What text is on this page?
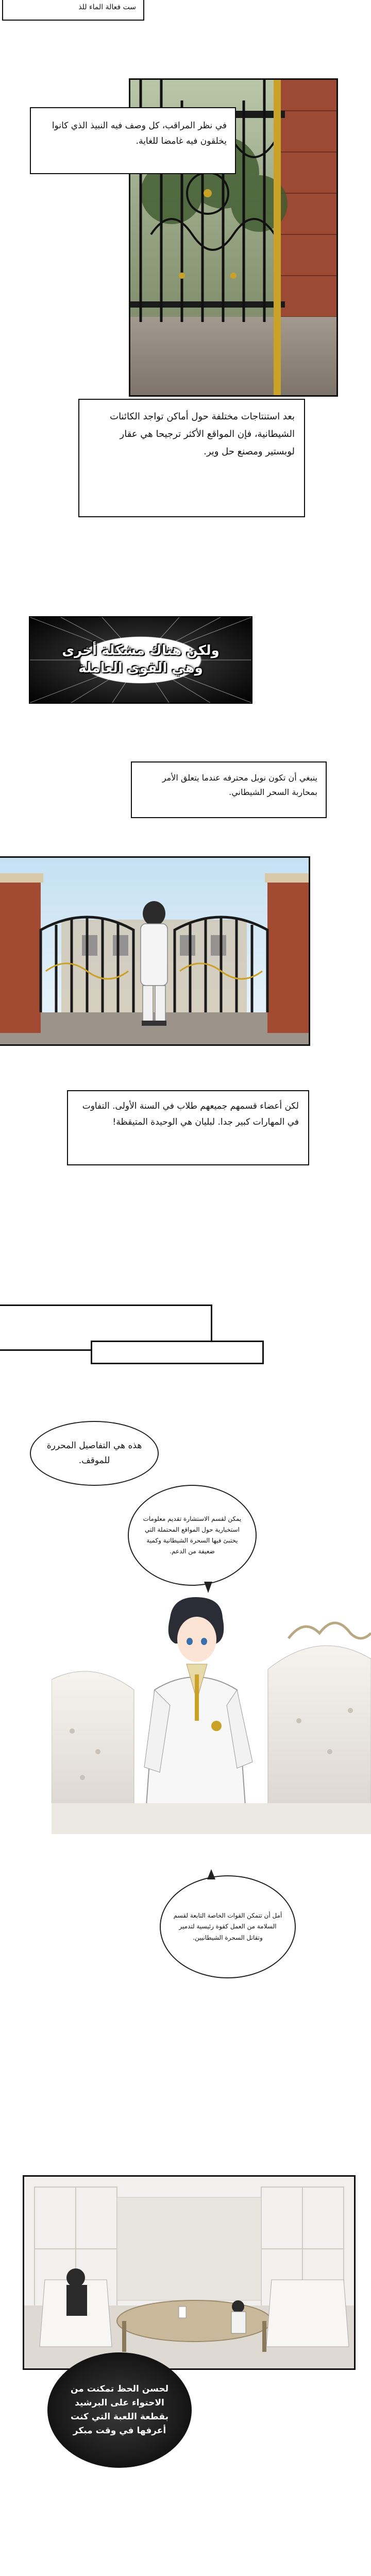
ست فعالة الماء للذ
في نظر المراقب، كل وصف فيه النبيذ الذي كانوا يخلقون فيه غامضا للغاية.
بعد استنتاجات مختلفة حول أماكن تواجد الكائنات الشيطانية، فإن المواقع الأكثر ترجيحا هي عقار لوبستير ومصنع حل وير.
ولكن هناك مشكلة أخرى
وهي القوى العاملة
ينبغي أن تكون نوبل محترفه عندما يتعلق الأمر بمحاربة السحر الشيطاني.
لكن أعضاء قسمهم جميعهم طلاب في السنة الأولى. التفاوت في المهارات كبير جدا. لبليان هي الوحيدة المتيقظة!
هذه هي التفاصيل المحررة للموقف.
يمكن لقسم الاستشارة تقديم معلومات استخبارية حول المواقع المحتملة التي يختبئ فيها السحرة الشيطانية وكمية ضعيفة من الدعم.
أمل أن تتمكن القوات الخاصة التابعة لقسم السلامة من العمل كقوة رئيسية لتدمير وتقاتل السحرة الشيطانيين.
لحسن الحظ تمكنت من الاحتواء على البرشيد بقطعة اللعبة التي كنت أعرفها في وقت مبكر
